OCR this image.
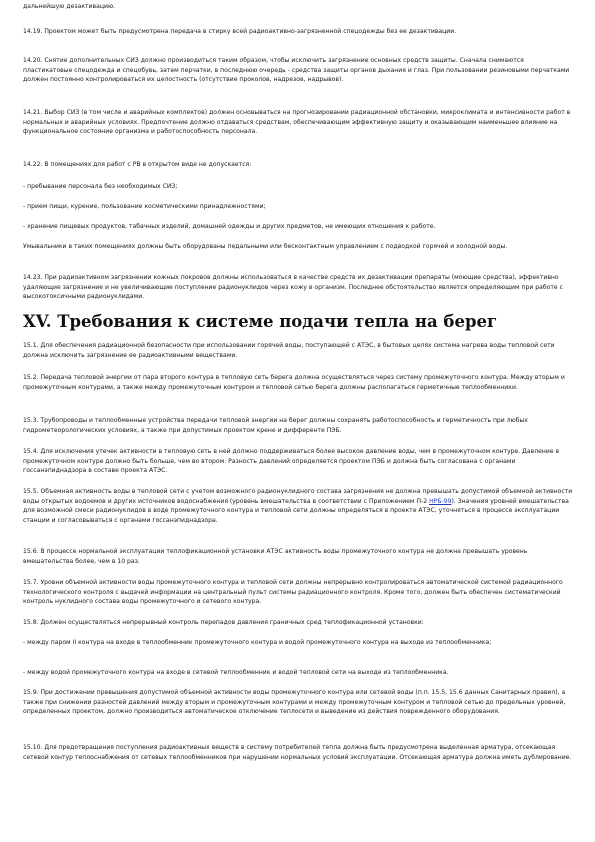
дальнейшую дезактивацию.

14.19. Проектом может быть предусмотрена передача в стирку всей радиоактивно-загрязненной спецодежды без ее дезактивации.

14.20. Снятие дополнительных СИЗ должно производиться таким образом, чтобы исключить загрязнение основных средств защиты. Сначала снимаются пластикатовые спецодежда и спецобувь, затем перчатки, в последнюю очередь - средства защиты органов дыхания и глаз. При пользовании резиновыми перчатками должен постоянно контролироваться их целостность (отсутствие проколов, надрезов, надрывов).

14.21. Выбор СИЗ (в том числе и аварийных комплектов) должен основываться на прогнозировании радиационной обстановки, микроклимата и интенсивности работ в нормальных и аварийных условиях. Предпочтение должно отдаваться средствам, обеспечивающим эффективную защиту и оказывающим наименьшее влияние на функциональное состояние организма и работоспособность персонала.

14.22. В помещениях для работ с РВ в открытом виде не допускается:

- пребывание персонала без необходимых СИЗ;

- прием пищи, курение, пользование косметическими принадлежностями;

- хранение пищевых продуктов, табачных изделий, домашней одежды и других предметов, не имеющих отношения к работе.

Умывальники в таких помещениях должны быть оборудованы педальными или бесконтактным управлением с подводкой горячей и холодной воды.

14.23. При радиоактивном загрязнении кожных покровов должны использоваться в качестве средств их дезактивации препараты (моющие средства), эффективно удаляющие загрязнение и не увеличивающие поступление радионуклидов через кожу в организм. Последнее обстоятельство является определяющим при работе с высокотоксичными радионуклидами.

XV. Требования к системе подачи тепла на берег

15.1. Для обеспечения радиационной безопасности при использовании горячей воды, поступающей с АТЭС, в бытовых целях система нагрева воды тепловой сети должна исключить загрязнение ее радиоактивными веществами.

15.2. Передача тепловой энергии от пара второго контура в тепловую сеть берега должна осуществляться через систему промежуточного контура. Между вторым и промежуточным контурами, а также между промежуточным контуром и тепловой сетью берега должны располагаться герметичные теплообменники.

15.3. Трубопроводы и теплообменные устройства передачи тепловой энергии на берег должны сохранять работоспособность и герметичность при любых гидрометеорологических условиях, а также при допустимых проектом крене и дифференте ПЭБ.

15.4. Для исключения утечек активности в тепловую сеть в ней должно поддерживаться более высокое давление воды, чем в промежуточном контуре. Давление в промежуточном контуре должно быть больше, чем во втором. Разность давлений определяется проектом ПЭБ и должна быть согласована с органами госсанэпиднадзора в составе проекта АТЭС.

15.5. Объемная активность воды в тепловой сети с учетом возможного радионуклидного состава загрязнения не должна превышать допустимой объемной активности воды открытых водоемов и других источников водоснабжения (уровень вмешательства в соответствии с Приложением П-2 НРБ-99). Значения уровней вмешательства для возможной смеси радионуклидов в воде промежуточного контура и тепловой сети должны определяться в проекте АТЭС, уточняться в процессе эксплуатации станции и согласовываться с органами госсанэпиднадзора.

15.6. В процессе нормальной эксплуатации теплофикационной установки АТЭС активность воды промежуточного контура не должна превышать уровень вмешательства более, чем в 10 раз.

15.7. Уровни объемной активности воды промежуточного контура и тепловой сети должны непрерывно контролироваться автоматической системой радиационного технологического контроля с выдачей информации на центральный пульт системы радиационного контроля. Кроме того, должен быть обеспечен систематический контроль нуклидного состава воды промежуточного и сетевого контура.

15.8. Должен осуществляться непрерывный контроль перепадов давления граничных сред теплофикационной установки:

- между паром II контура на входе в теплообменник промежуточного контура и водой промежуточного контура на выходе из теплообменника;

- между водой промежуточного контура на входе в сетевой теплообменник и водой тепловой сети на выходе из теплообменника.

15.9. При достижении превышения допустимой объемной активности воды промежуточного контура или сетевой воды (п.п. 15.5, 15.6 данных Санитарных правил), а также при снижении разностей давлений между вторым и промежуточным контурами и между промежуточным контуром и тепловой сетью до предельных уровней, определенных проектом, должно производиться автоматическое отключение теплосети и выведение из действия поврежденного оборудования.

15.10. Для предотвращения поступления радиоактивных веществ в систему потребителей тепла должна быть предусмотрена выделенная арматура, отсекающая сетевой контур теплоснабжения от сетевых теплообменников при нарушении нормальных условий эксплуатации. Отсекающая арматура должна иметь дублирование.
